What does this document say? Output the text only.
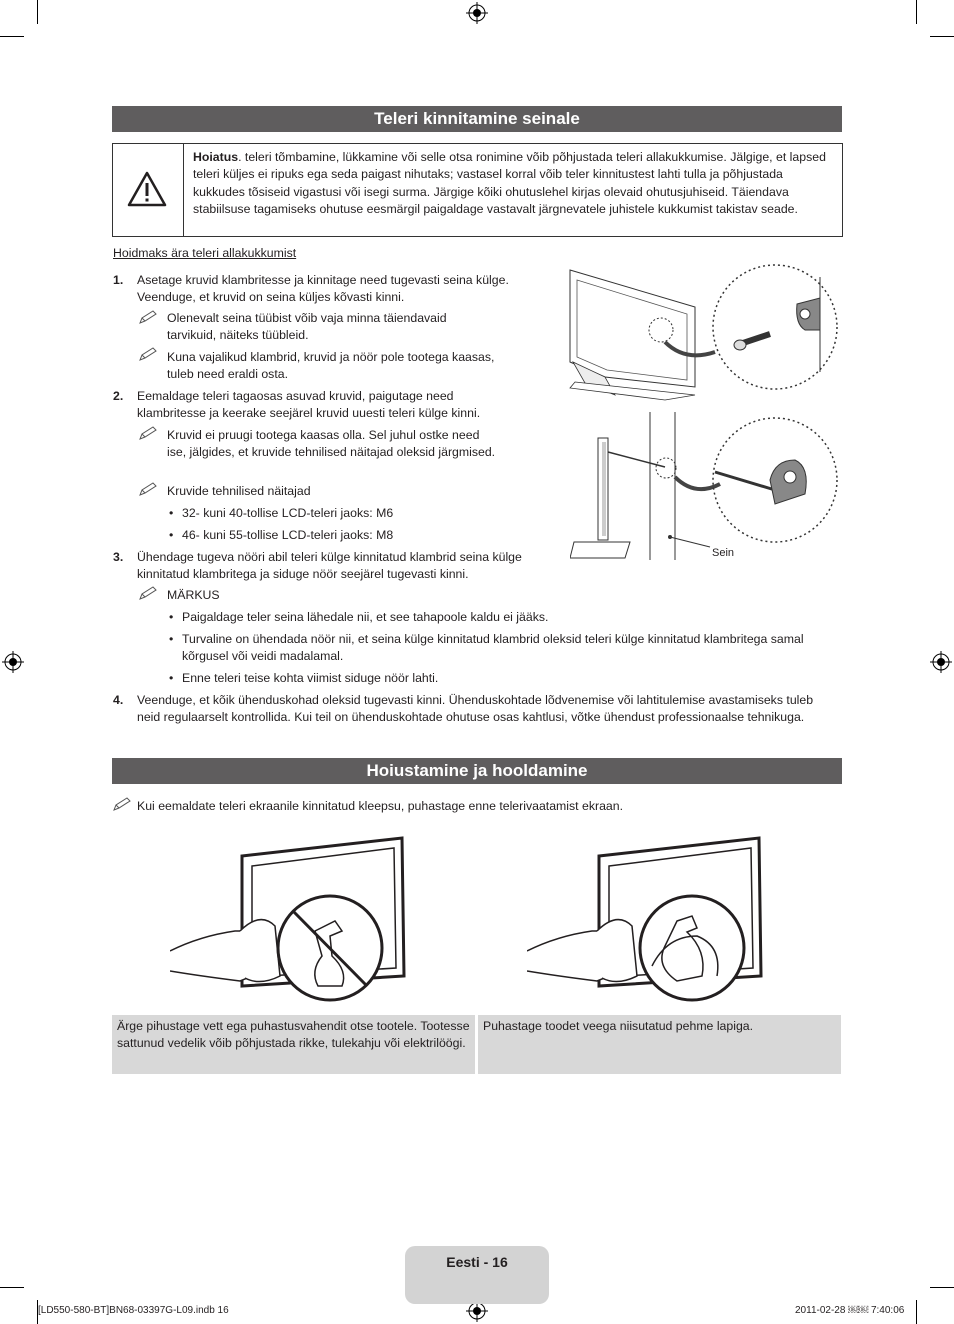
Teleri kinnitamine seinale
Hoiatus. teleri tõmbamine, lükkamine või selle otsa ronimine võib põhjustada teleri allakukkumise. Jälgige, et lapsed teleri küljes ei ripuks ega seda paigast nihutaks; vastasel korral võib teler kinnitustest lahti tulla ja põhjustada kukkudes tõsiseid vigastusi või isegi surma. Järgige kõiki ohutuslehel kirjas olevaid ohutusjuhiseid. Täiendava stabiilsuse tagamiseks ohutuse eesmärgil paigaldage vastavalt järgnevatele juhistele kukkumist takistav seade.
Hoidmaks ära teleri allakukkumist
1. Asetage kruvid klambritesse ja kinnitage need tugevasti seina külge. Veenduge, et kruvid on seina küljes kõvasti kinni.
Olenevalt seina tüübist võib vaja minna täiendavaid tarvikuid, näiteks tüübleid.
Kuna vajalikud klambrid, kruvid ja nöör pole tootega kaasas, tuleb need eraldi osta.
2. Eemaldage teleri tagaosas asuvad kruvid, paigutage need klambritesse ja keerake seejärel kruvid uuesti teleri külge kinni.
Kruvid ei pruugi tootega kaasas olla. Sel juhul ostke need ise, jälgides, et kruvide tehnilised näitajad oleksid järgmised.
Kruvide tehnilised näitajad
• 32- kuni 40-tollise LCD-teleri jaoks: M6
• 46- kuni 55-tollise LCD-teleri jaoks: M8
3. Ühendage tugeva nööri abil teleri külge kinnitatud klambrid seina külge kinnitatud klambritega ja siduge nöör seejärel tugevasti kinni.
MÄRKUS
• Paigaldage teler seina lähedale nii, et see tahapoole kaldu ei jääks.
• Turvaline on ühendada nöör nii, et seina külge kinnitatud klambrid oleksid teleri külge kinnitatud klambritega samal kõrgusel või veidi madalamal.
• Enne teleri teise kohta viimist siduge nöör lahti.
4. Veenduge, et kõik ühenduskohad oleksid tugevasti kinni. Ühenduskohtade lõdvenemise või lahtitulemise avastamiseks tuleb neid regulaarselt kontrollida. Kui teil on ühenduskohtade ohutuse osas kahtlusi, võtke ühendust professionaalse tehnikuga.
Sein
Hoiustamine ja hooldamine
Kui eemaldate teleri ekraanile kinnitatud kleepsu, puhastage enne telerivaatamist ekraan.
Ärge pihustage vett ega puhastusvahendit otse tootele. Tootesse sattunud vedelik võib põhjustada rikke, tulekahju või elektrilöögi.
Puhastage toodet veega niisutatud pehme lapiga.
Eesti - 16
[LD550-580-BT]BN68-03397G-L09.indb 16	2011-02-28 ￼￼ 7:40:06
